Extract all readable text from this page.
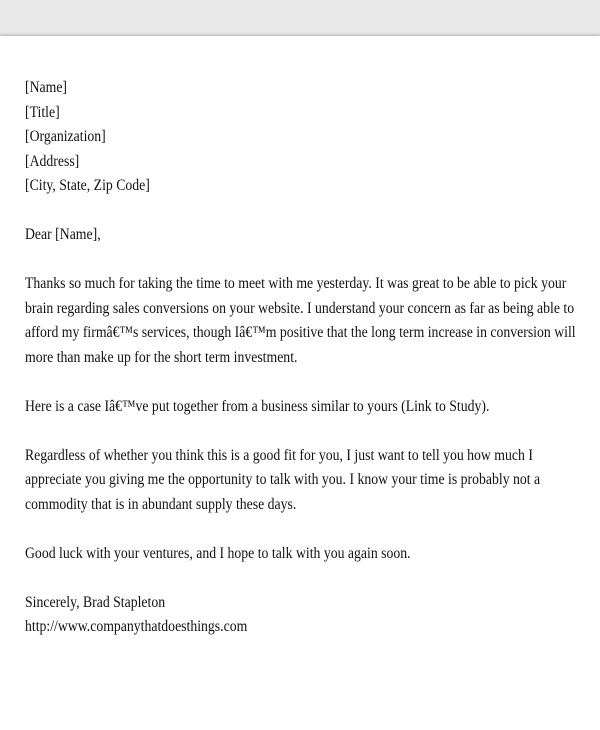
[Name]

[Title]

[Organization]

[Address]

[City, State, Zip Code]

Dear [Name],

Thanks so much for taking the time to meet with me yesterday. It was great to be able to pick your brain regarding sales conversions on your website. I understand your concern as far as being able to afford my firmâ€™s services, though Iâ€™m positive that the long term increase in conversion will more than make up for the short term investment.

Here is a case Iâ€™ve put together from a business similar to yours (Link to Study).

Regardless of whether you think this is a good fit for you, I just want to tell you how much I appreciate you giving me the opportunity to talk with you. I know your time is probably not a commodity that is in abundant supply these days.

Good luck with your ventures, and I hope to talk with you again soon.

Sincerely, Brad Stapleton

http://www.companythatdoesthings.com
